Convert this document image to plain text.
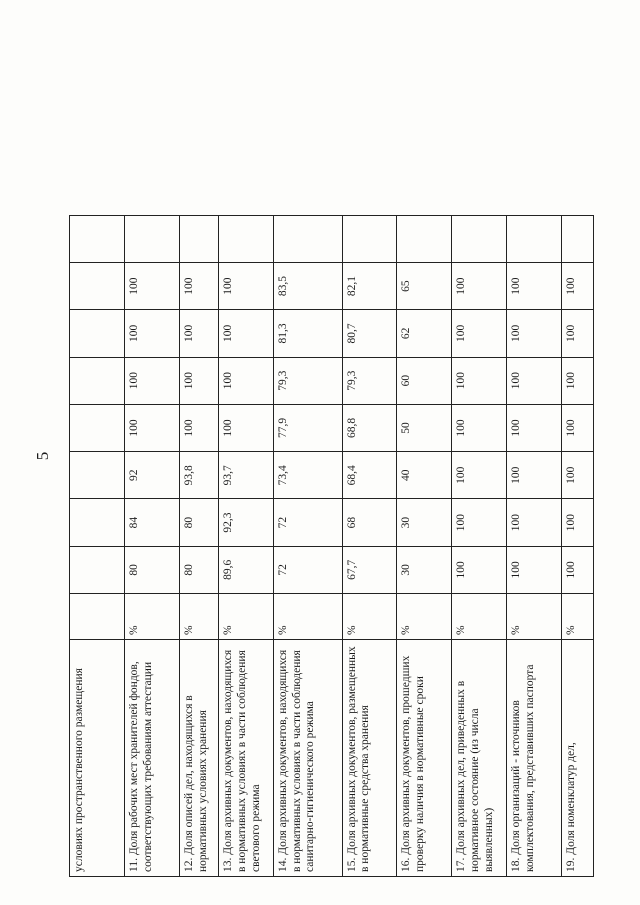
5
условиях пространственного размещения									
11. Доля рабочих мест хранителей фондов, соответствующих требованиям аттестации	%	80	84	92	100	100	100	100	
12. Доля описей дел, находящихся в нормативных условиях хранения	%	80	80	93,8	100	100	100	100	
13. Доля архивных документов, находящихся в нормативных условиях в части соблюдения светового режима	%	89,6	92,3	93,7	100	100	100	100	
14. Доля архивных документов, находящихся в нормативных условиях в части соблюдения санитарно-гигиенического режима	%	72	72	73,4	77,9	79,3	81,3	83,5	
15. Доля архивных документов, размещенных в нормативные средства хранения	%	67,7	68	68,4	68,8	79,3	80,7	82,1	
16. Доля архивных документов, прошедших проверку наличия в нормативные сроки	%	30	30	40	50	60	62	65	
17. Доля архивных дел, приведенных в нормативное состояние (из числа выявленных)	%	100	100	100	100	100	100	100	
18. Доля организаций - источников комплектования, представивших паспорта	%	100	100	100	100	100	100	100	
19. Доля номенклатур дел,	%	100	100	100	100	100	100	100	
